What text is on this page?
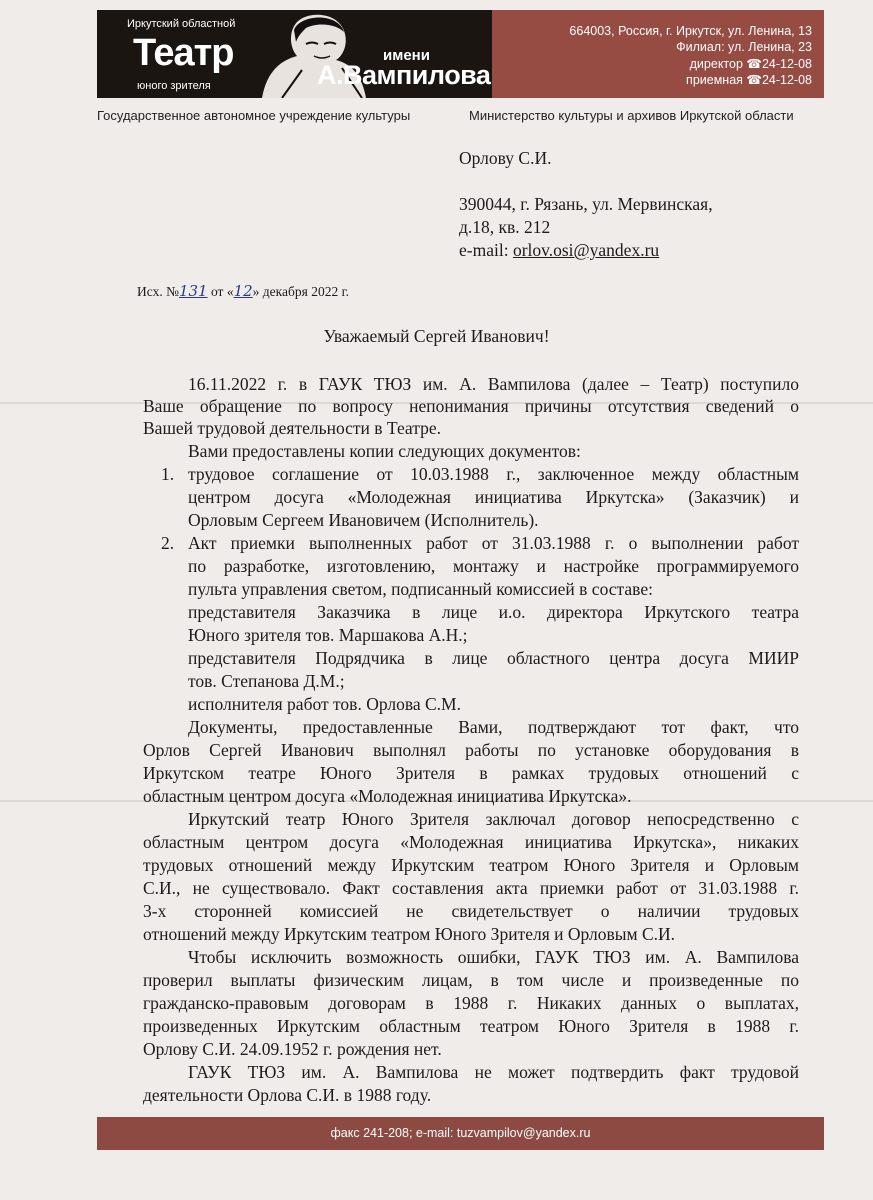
Иркутский областной
Театр
юного зрителя
имени
А.Вампилова
664003, Россия, г. Иркутск, ул. Ленина, 13
Филиал: ул. Ленина, 23
директор ☎24-12-08
приемная ☎24-12-08
Государственное автономное учреждение культуры	Министерство культуры и архивов Иркутской области
Орлову С.И.
390044, г. Рязань, ул. Мервинская,
д.18, кв. 212
e-mail: orlov.osi@yandex.ru
Исх. №131 от «12» декабря 2022 г.
Уважаемый Сергей Иванович!
16.11.2022 г. в ГАУК ТЮЗ им. А. Вампилова (далее – Театр) поступило
Ваше обращение по вопросу непонимания причины отсутствия сведений о
Вашей трудовой деятельности в Театре.
Вами предоставлены копии следующих документов:
1. трудовое соглашение от 10.03.1988 г., заключенное между областным
центром досуга «Молодежная инициатива Иркутска» (Заказчик) и
Орловым Сергеем Ивановичем (Исполнитель).
2. Акт приемки выполненных работ от 31.03.1988 г. о выполнении работ
по разработке, изготовлению, монтажу и настройке программируемого
пульта управления светом, подписанный комиссией в составе:
представителя Заказчика в лице и.о. директора Иркутского театра
Юного зрителя тов. Маршакова А.Н.;
представителя Подрядчика в лице областного центра досуга МИИР
тов. Степанова Д.М.;
исполнителя работ тов. Орлова С.М.
Документы, предоставленные Вами, подтверждают тот факт, что
Орлов Сергей Иванович выполнял работы по установке оборудования в
Иркутском театре Юного Зрителя в рамках трудовых отношений с
областным центром досуга «Молодежная инициатива Иркутска».
Иркутский театр Юного Зрителя заключал договор непосредственно с
областным центром досуга «Молодежная инициатива Иркутска», никаких
трудовых отношений между Иркутским театром Юного Зрителя и Орловым
С.И., не существовало. Факт составления акта приемки работ от 31.03.1988 г.
3-х сторонней комиссией не свидетельствует о наличии трудовых
отношений между Иркутским театром Юного Зрителя и Орловым С.И.
Чтобы исключить возможность ошибки, ГАУК ТЮЗ им. А. Вампилова
проверил выплаты физическим лицам, в том числе и произведенные по
гражданско-правовым договорам в 1988 г. Никаких данных о выплатах,
произведенных Иркутским областным театром Юного Зрителя в 1988 г.
Орлову С.И. 24.09.1952 г. рождения нет.
ГАУК ТЮЗ им. А. Вампилова не может подтвердить факт трудовой
деятельности Орлова С.И. в 1988 году.
факс 241-208; e-mail: tuzvampilov@yandex.ru
